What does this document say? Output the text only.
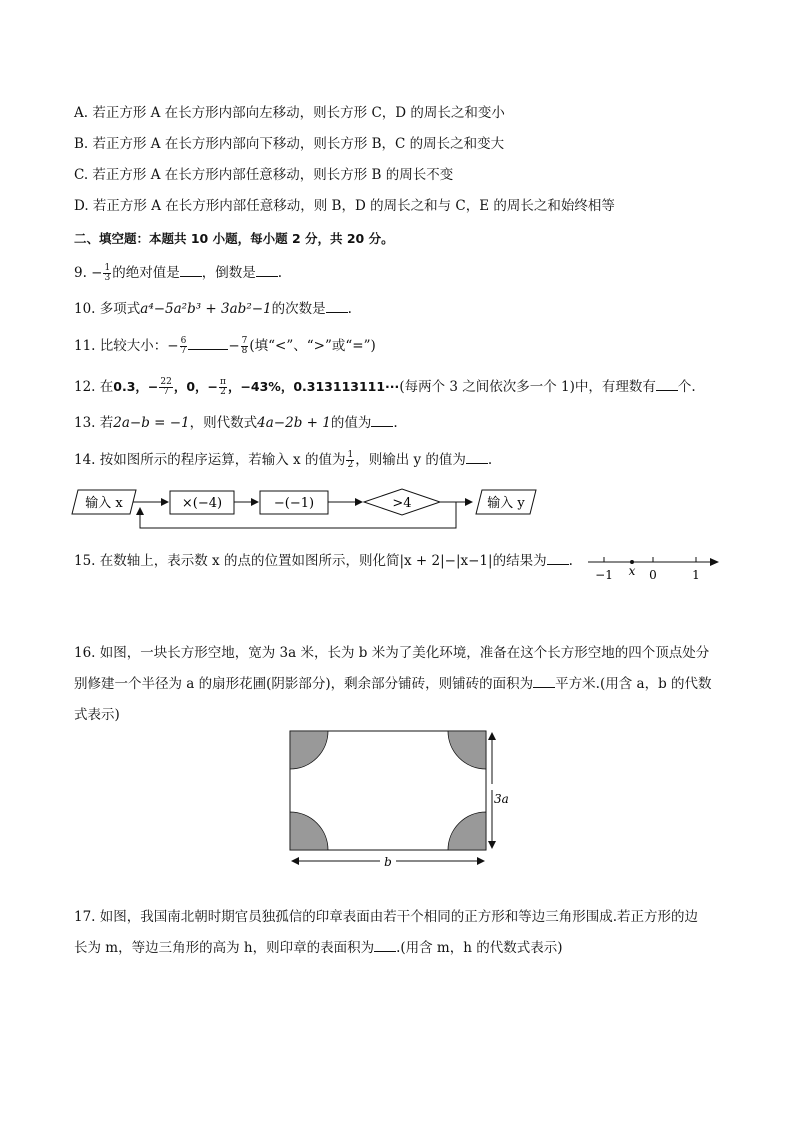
A. 若正方形 A 在长方形内部向左移动，则长方形 C，D 的周长之和变小
B. 若正方形 A 在长方形内部向下移动，则长方形 B，C 的周长之和变大
C. 若正方形 A 在长方形内部任意移动，则长方形 B 的周长不变
D. 若正方形 A 在长方形内部任意移动，则 B，D 的周长之和与 C，E 的周长之和始终相等
二、填空题：本题共 10 小题，每小题 2 分，共 20 分。
9. − $\frac{1}{3}$ 的绝对值是 ，倒数是 .
10. 多项式a⁴−5a²b³ + 3ab²−1的次数是 .
11. 比较大小：− $\frac{6}{7}$	− $\frac{7}{8}$ (填“<”、“>”或“=”)
12. 在0.3，− $\frac{22}{7}$ ，0，− $\frac{\pi}{2}$ ，−43%，0.313113111···(每两个 3 之间依次多一个 1)中，有理数有 个.
13. 若2a−b = −1，则代数式4a−2b + 1的值为 .
14. 按如图所示的程序运算，若输入 x 的值为 $\frac{1}{2}$ ，则输出 y 的值为 .
输入 x	×(−4)	−(−1)	>4	输入 y
15. 在数轴上，表示数 x 的点的位置如图所示，则化简|x + 2|−|x−1|的结果为 .
−1 x 0	1
16. 如图，一块长方形空地，宽为 3a 米，长为 b 米为了美化环境，准备在这个长方形空地的四个顶点处分
别修建一个半径为 a 的扇形花圃(阴影部分)，剩余部分铺砖，则铺砖的面积为 平方米.(用含 a，b 的代数
式表示)
3a
b
17. 如图，我国南北朝时期官员独孤信的印章表面由若干个相同的正方形和等边三角形围成.若正方形的边
长为 m，等边三角形的高为 h，则印章的表面积为 .(用含 m，h 的代数式表示)
